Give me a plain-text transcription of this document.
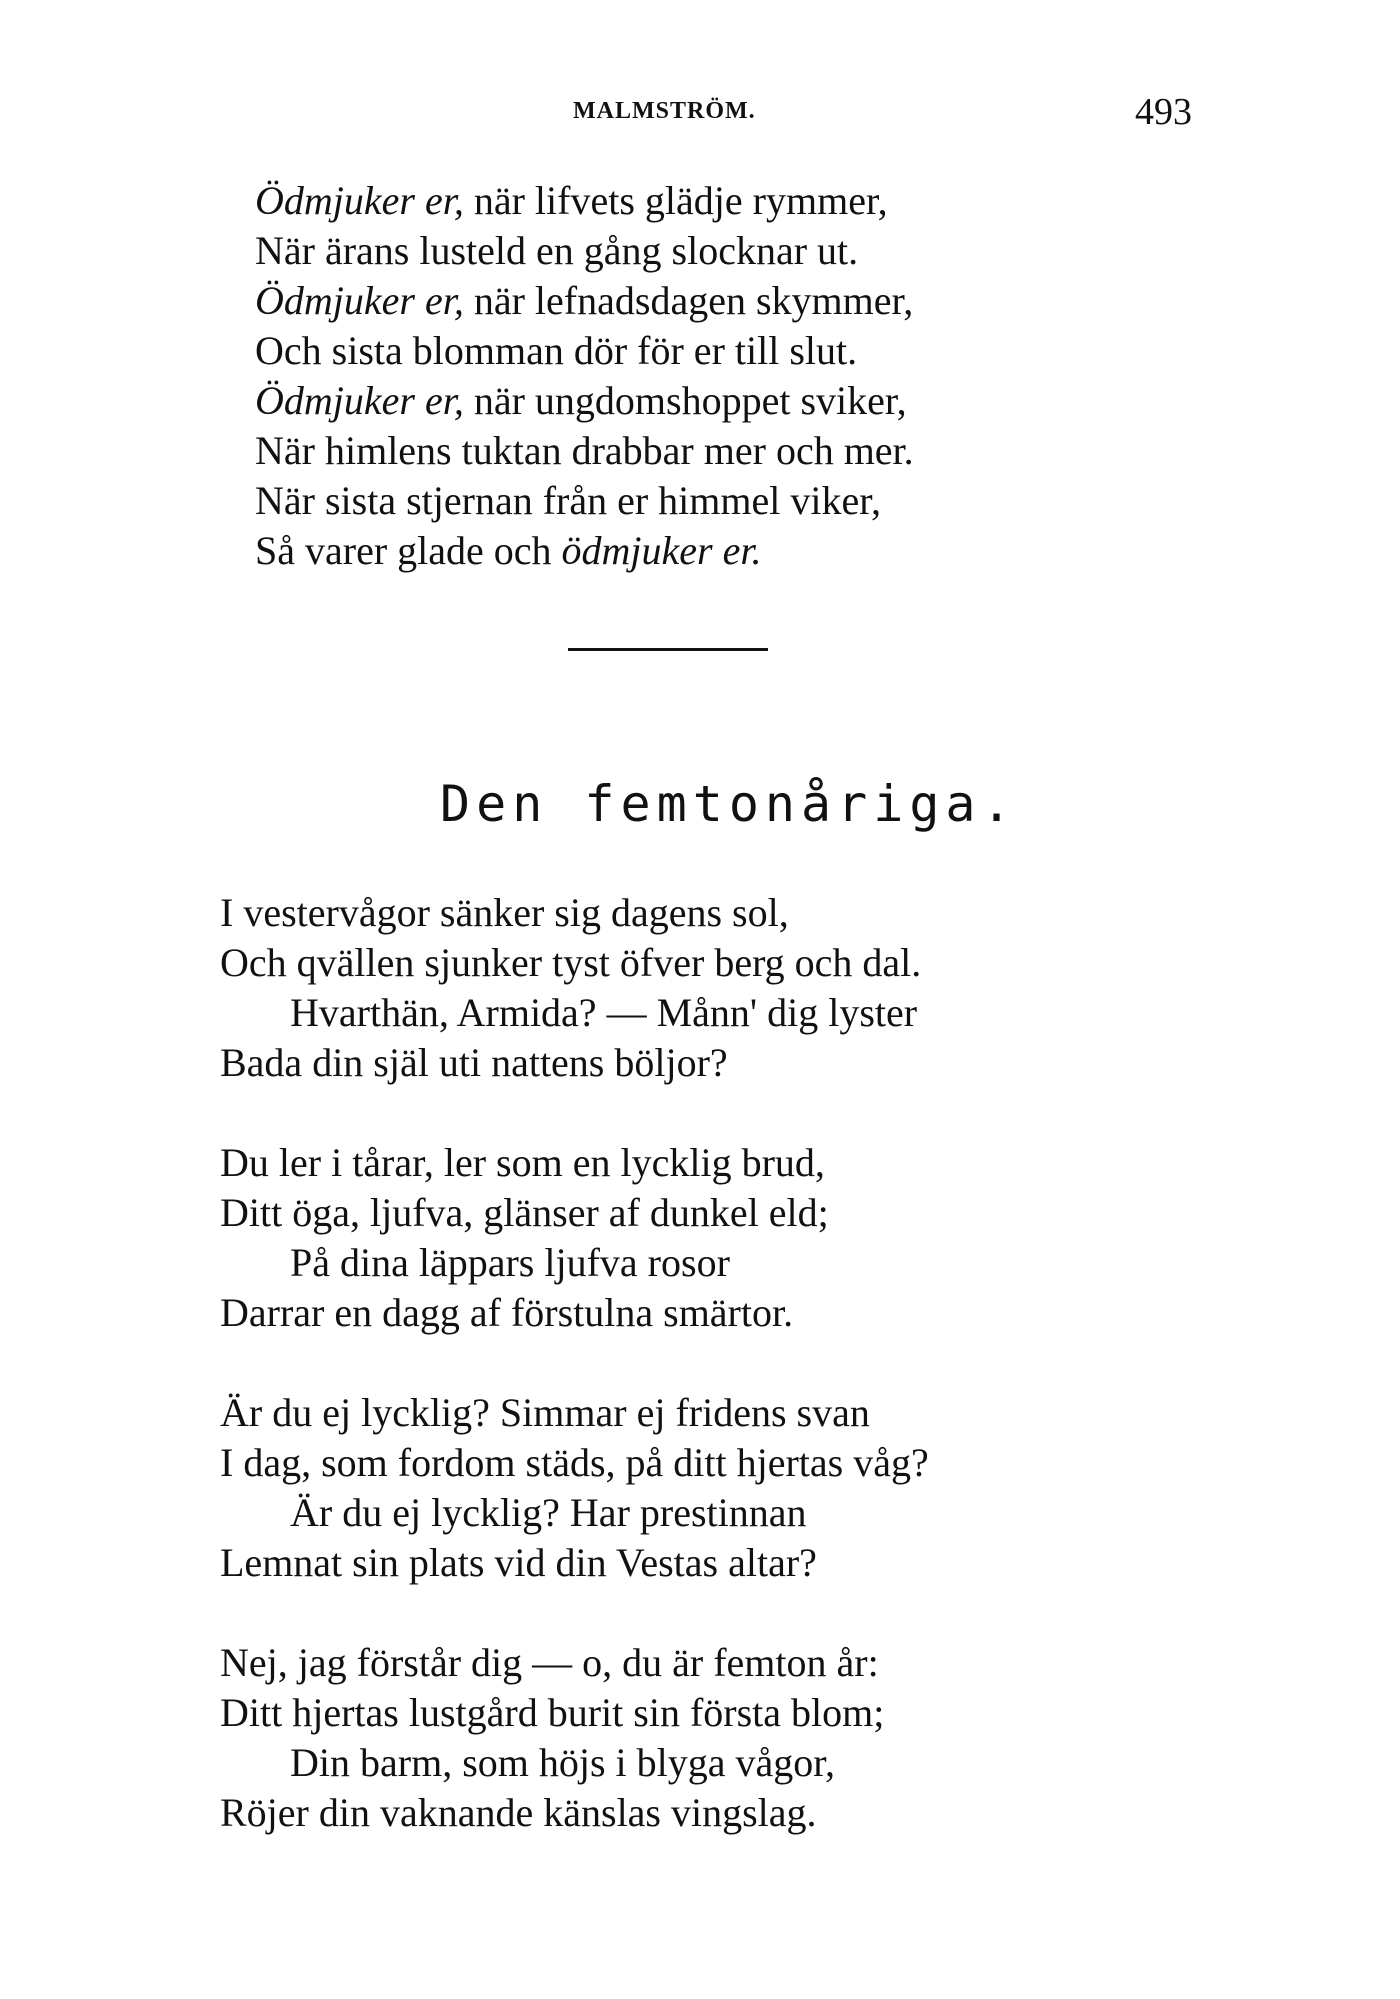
MALMSTRÖM.	493
Ödmjuker er, när lifvets glädje rymmer,
När ärans lusteld en gång slocknar ut.
Ödmjuker er, när lefnadsdagen skymmer,
Och sista blomman dör för er till slut.
Ödmjuker er, när ungdomshoppet sviker,
När himlens tuktan drabbar mer och mer.
När sista stjernan från er himmel viker,
Så varer glade och ödmjuker er.
Den femtonåriga.
I vestervågor sänker sig dagens sol,
Och qvällen sjunker tyst öfver berg och dal.
Hvarthän, Armida? — Månn' dig lyster
Bada din själ uti nattens böljor?
Du ler i tårar, ler som en lycklig brud,
Ditt öga, ljufva, glänser af dunkel eld;
På dina läppars ljufva rosor
Darrar en dagg af förstulna smärtor.
Är du ej lycklig? Simmar ej fridens svan
I dag, som fordom städs, på ditt hjertas våg?
Är du ej lycklig? Har prestinnan
Lemnat sin plats vid din Vestas altar?
Nej, jag förstår dig — o, du är femton år:
Ditt hjertas lustgård burit sin första blom;
Din barm, som höjs i blyga vågor,
Röjer din vaknande känslas vingslag.
